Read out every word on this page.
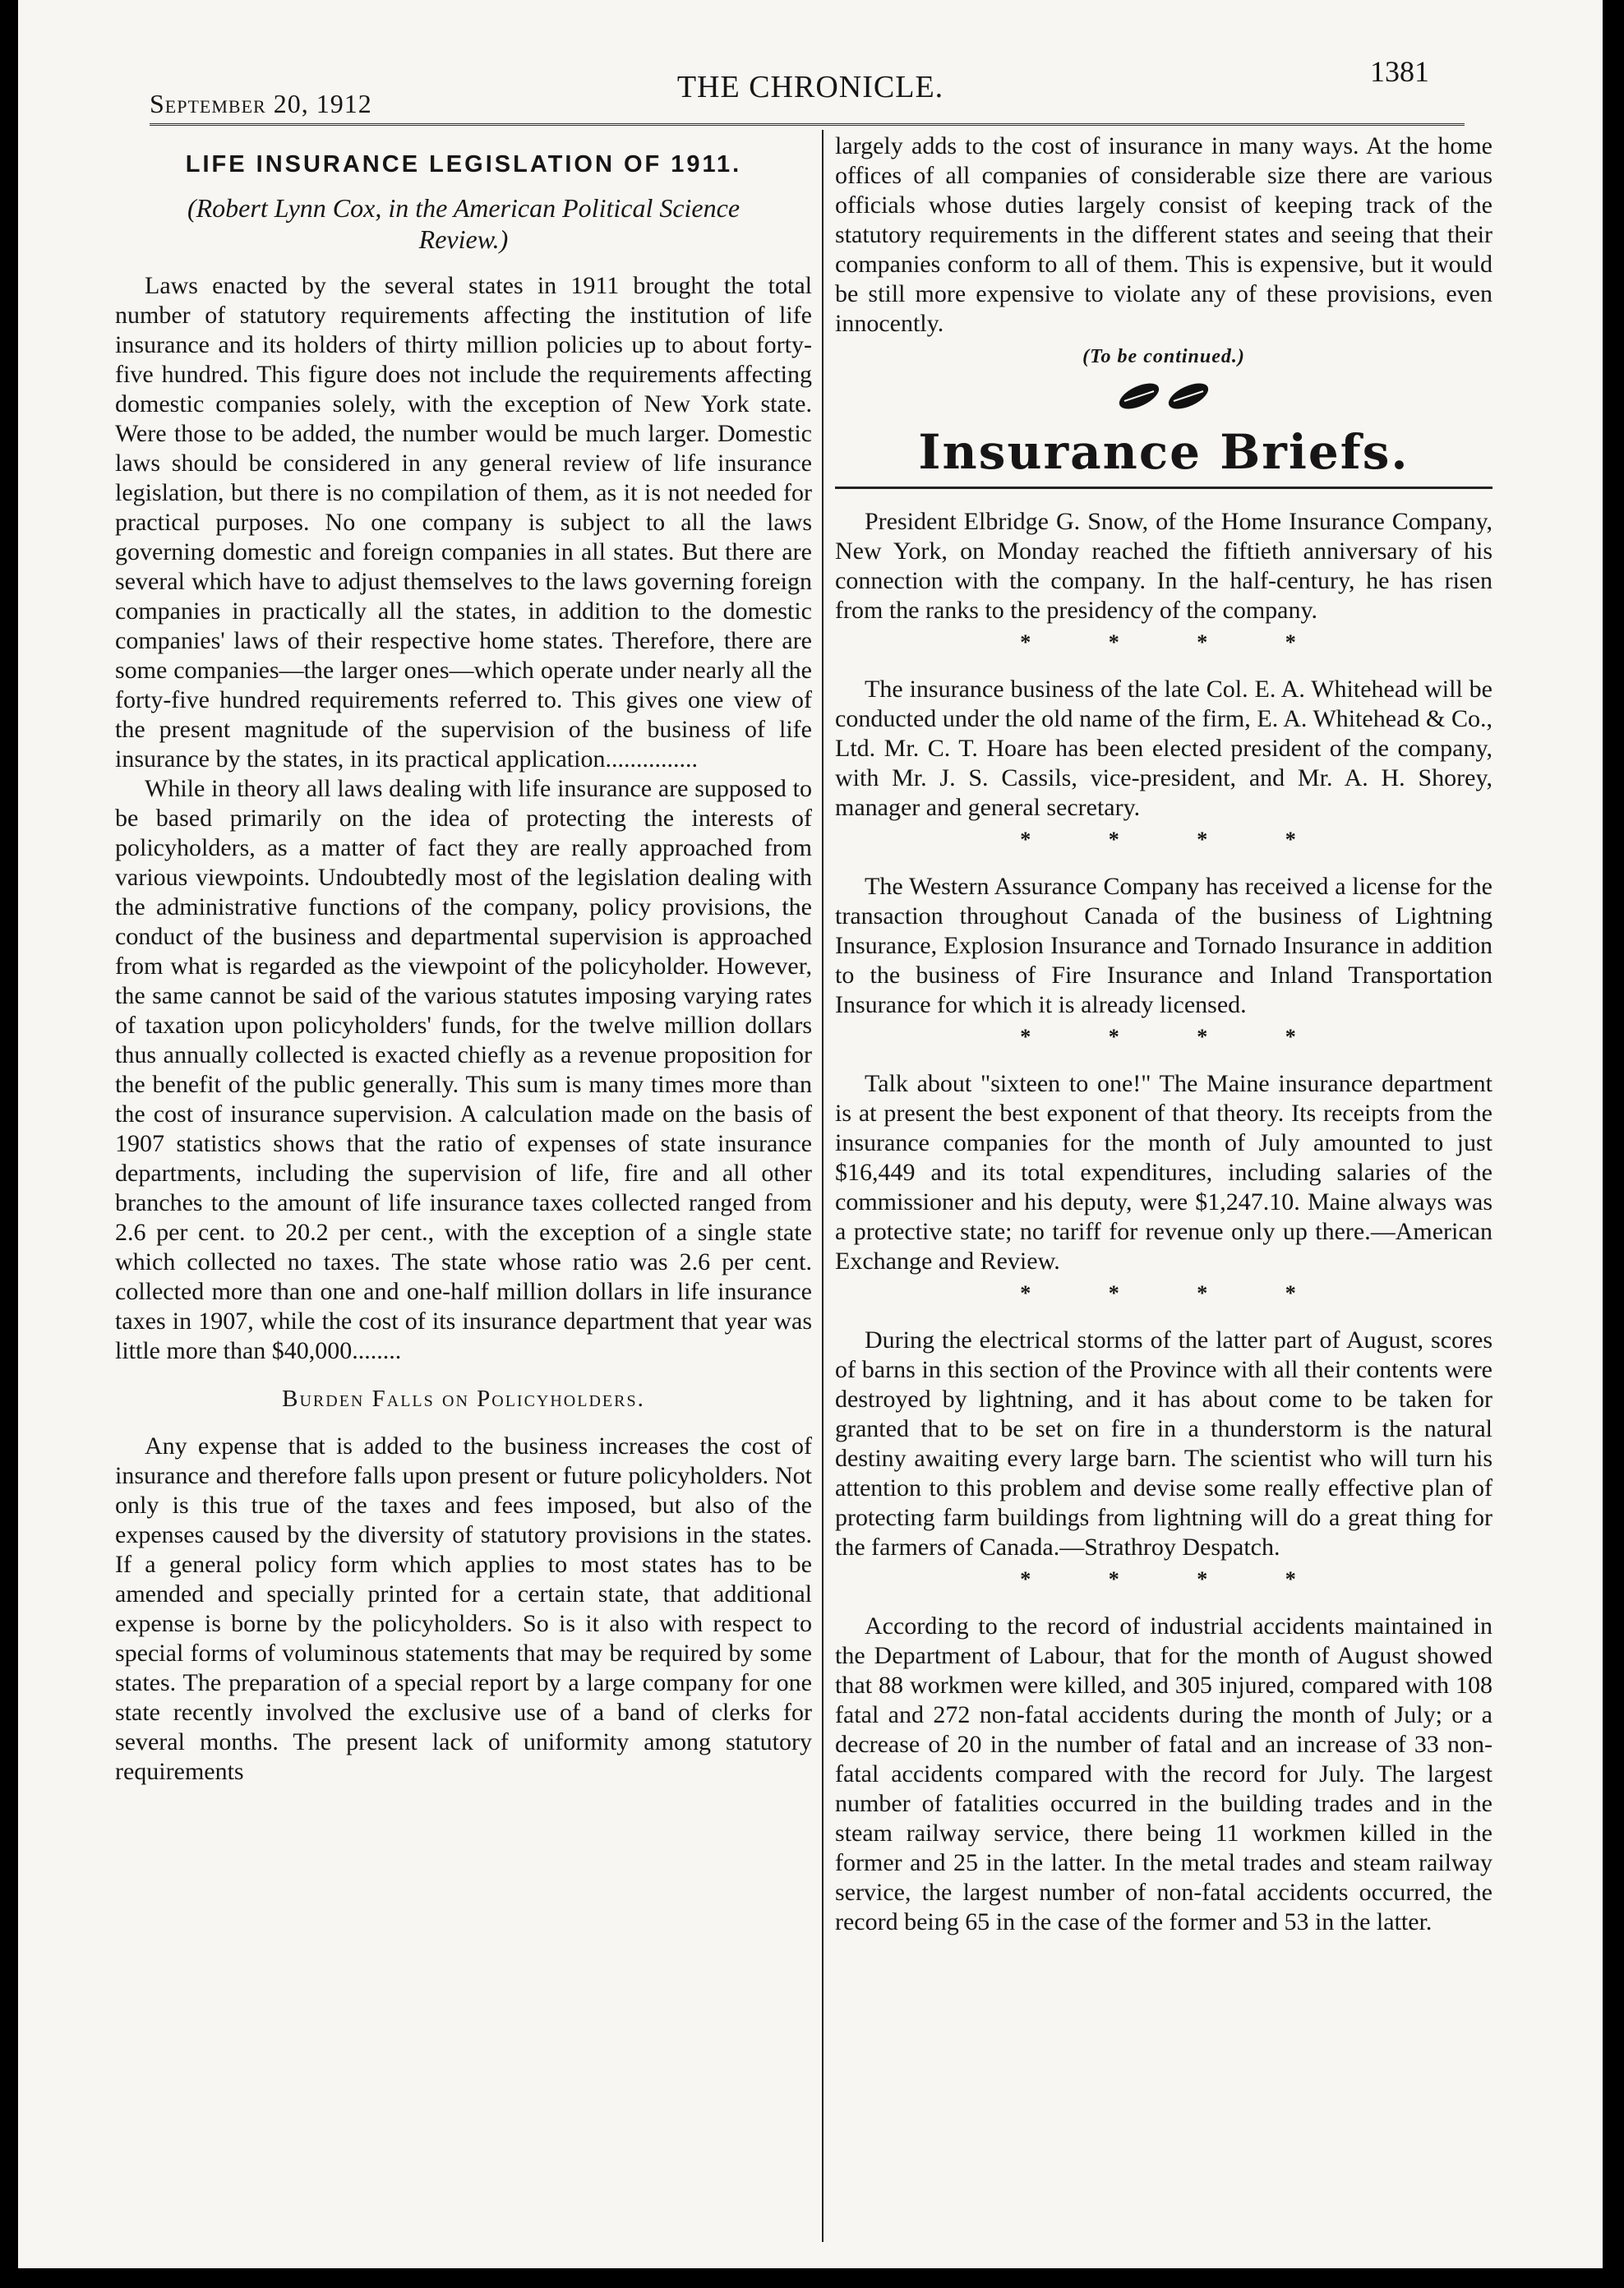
September 20, 1912	THE CHRONICLE.	1381
LIFE INSURANCE LEGISLATION OF 1911.
(Robert Lynn Cox, in the American Political Science Review.)

Laws enacted by the several states in 1911 brought the total number of statutory requirements affecting the institution of life insurance and its holders of thirty million policies up to about forty-five hundred. This figure does not include the requirements affecting domestic companies solely, with the exception of New York state. Were those to be added, the number would be much larger. Domestic laws should be considered in any general review of life insurance legislation, but there is no compilation of them, as it is not needed for practical purposes. No one company is subject to all the laws governing domestic and foreign companies in all states. But there are several which have to adjust themselves to the laws governing foreign companies in practically all the states, in addition to the domestic companies' laws of their respective home states. Therefore, there are some companies—the larger ones—which operate under nearly all the forty-five hundred requirements referred to. This gives one view of the present magnitude of the supervision of the business of life insurance by the states, in its practical application...............

While in theory all laws dealing with life insurance are supposed to be based primarily on the idea of protecting the interests of policyholders, as a matter of fact they are really approached from various viewpoints. Undoubtedly most of the legislation dealing with the administrative functions of the company, policy provisions, the conduct of the business and departmental supervision is approached from what is regarded as the viewpoint of the policyholder. However, the same cannot be said of the various statutes imposing varying rates of taxation upon policyholders' funds, for the twelve million dollars thus annually collected is exacted chiefly as a revenue proposition for the benefit of the public generally. This sum is many times more than the cost of insurance supervision. A calculation made on the basis of 1907 statistics shows that the ratio of expenses of state insurance departments, including the supervision of life, fire and all other branches to the amount of life insurance taxes collected ranged from 2.6 per cent. to 20.2 per cent., with the exception of a single state which collected no taxes. The state whose ratio was 2.6 per cent. collected more than one and one-half million dollars in life insurance taxes in 1907, while the cost of its insurance department that year was little more than $40,000........

Burden Falls on Policyholders.

Any expense that is added to the business increases the cost of insurance and therefore falls upon present or future policyholders. Not only is this true of the taxes and fees imposed, but also of the expenses caused by the diversity of statutory provisions in the states. If a general policy form which applies to most states has to be amended and specially printed for a certain state, that additional expense is borne by the policyholders. So is it also with respect to special forms of voluminous statements that may be required by some states. The preparation of a special report by a large company for one state recently involved the exclusive use of a band of clerks for several months. The present lack of uniformity among statutory requirements

largely adds to the cost of insurance in many ways. At the home offices of all companies of considerable size there are various officials whose duties largely consist of keeping track of the statutory requirements in the different states and seeing that their companies conform to all of them. This is expensive, but it would be still more expensive to violate any of these provisions, even innocently.

(To be continued.)
Insurance Briefs.

President Elbridge G. Snow, of the Home Insurance Company, New York, on Monday reached the fiftieth anniversary of his connection with the company. In the half-century, he has risen from the ranks to the presidency of the company.

* * * *

The insurance business of the late Col. E. A. Whitehead will be conducted under the old name of the firm, E. A. Whitehead & Co., Ltd. Mr. C. T. Hoare has been elected president of the company, with Mr. J. S. Cassils, vice-president, and Mr. A. H. Shorey, manager and general secretary.

* * * *

The Western Assurance Company has received a license for the transaction throughout Canada of the business of Lightning Insurance, Explosion Insurance and Tornado Insurance in addition to the business of Fire Insurance and Inland Transportation Insurance for which it is already licensed.

* * * *

Talk about "sixteen to one!" The Maine insurance department is at present the best exponent of that theory. Its receipts from the insurance companies for the month of July amounted to just $16,449 and its total expenditures, including salaries of the commissioner and his deputy, were $1,247.10. Maine always was a protective state; no tariff for revenue only up there.—American Exchange and Review.

* * * *

During the electrical storms of the latter part of August, scores of barns in this section of the Province with all their contents were destroyed by lightning, and it has about come to be taken for granted that to be set on fire in a thunderstorm is the natural destiny awaiting every large barn. The scientist who will turn his attention to this problem and devise some really effective plan of protecting farm buildings from lightning will do a great thing for the farmers of Canada.—Strathroy Despatch.

* * * *

According to the record of industrial accidents maintained in the Department of Labour, that for the month of August showed that 88 workmen were killed, and 305 injured, compared with 108 fatal and 272 non-fatal accidents during the month of July; or a decrease of 20 in the number of fatal and an increase of 33 non-fatal accidents compared with the record for July. The largest number of fatalities occurred in the building trades and in the steam railway service, there being 11 workmen killed in the former and 25 in the latter. In the metal trades and steam railway service, the largest number of non-fatal accidents occurred, the record being 65 in the case of the former and 53 in the latter.
